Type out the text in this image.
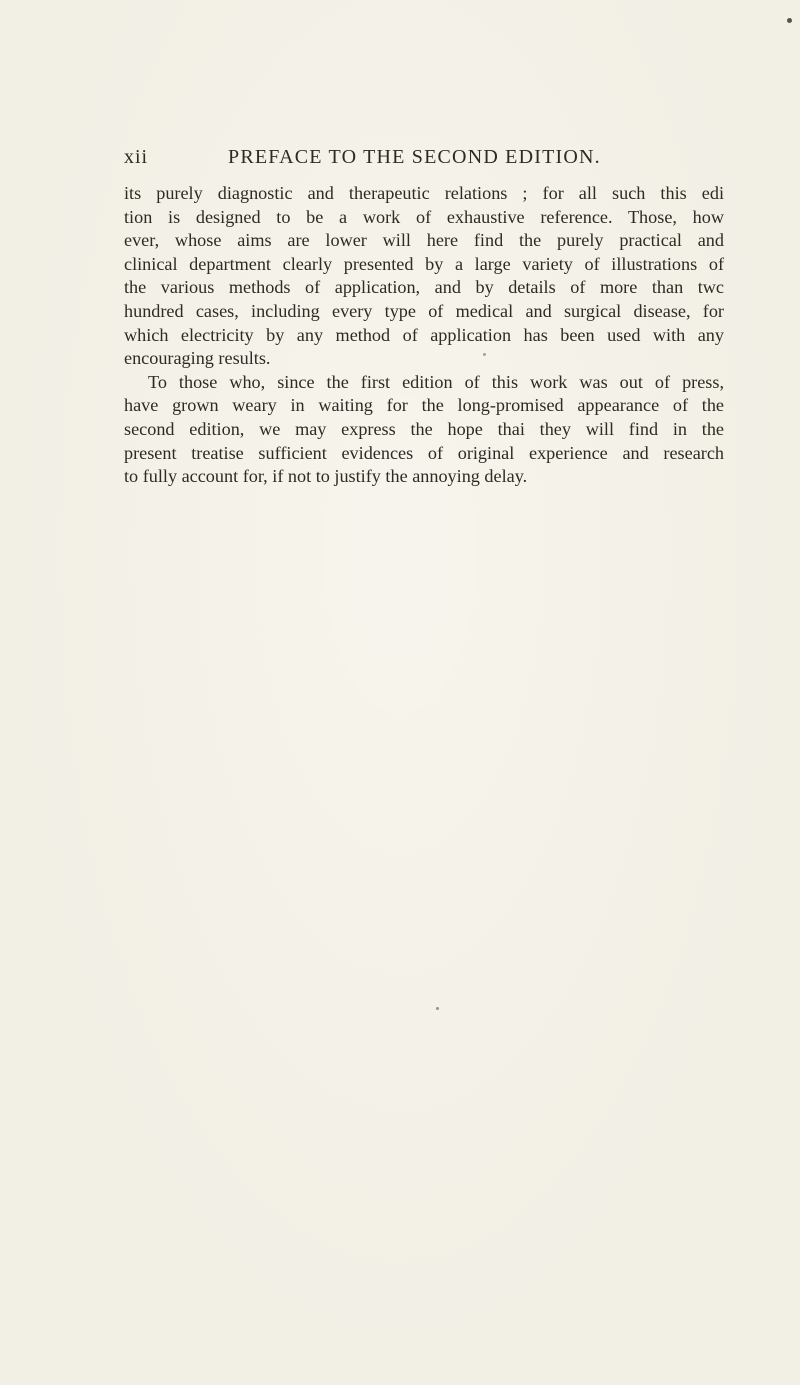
xii	PREFACE TO THE SECOND EDITION.
its purely diagnostic and therapeutic relations ; for all such this edi
tion is designed to be a work of exhaustive reference. Those, how
ever, whose aims are lower will here find the purely practical and
clinical department clearly presented by a large variety of illustrations of
the various methods of application, and by details of more than twc
hundred cases, including every type of medical and surgical disease, for
which electricity by any method of application has been used with any
encouraging results.
To those who, since the first edition of this work was out of press,
have grown weary in waiting for the long-promised appearance of the
second edition, we may express the hope thai they will find in the
present treatise sufficient evidences of original experience and research
to fully account for, if not to justify the annoying delay.
